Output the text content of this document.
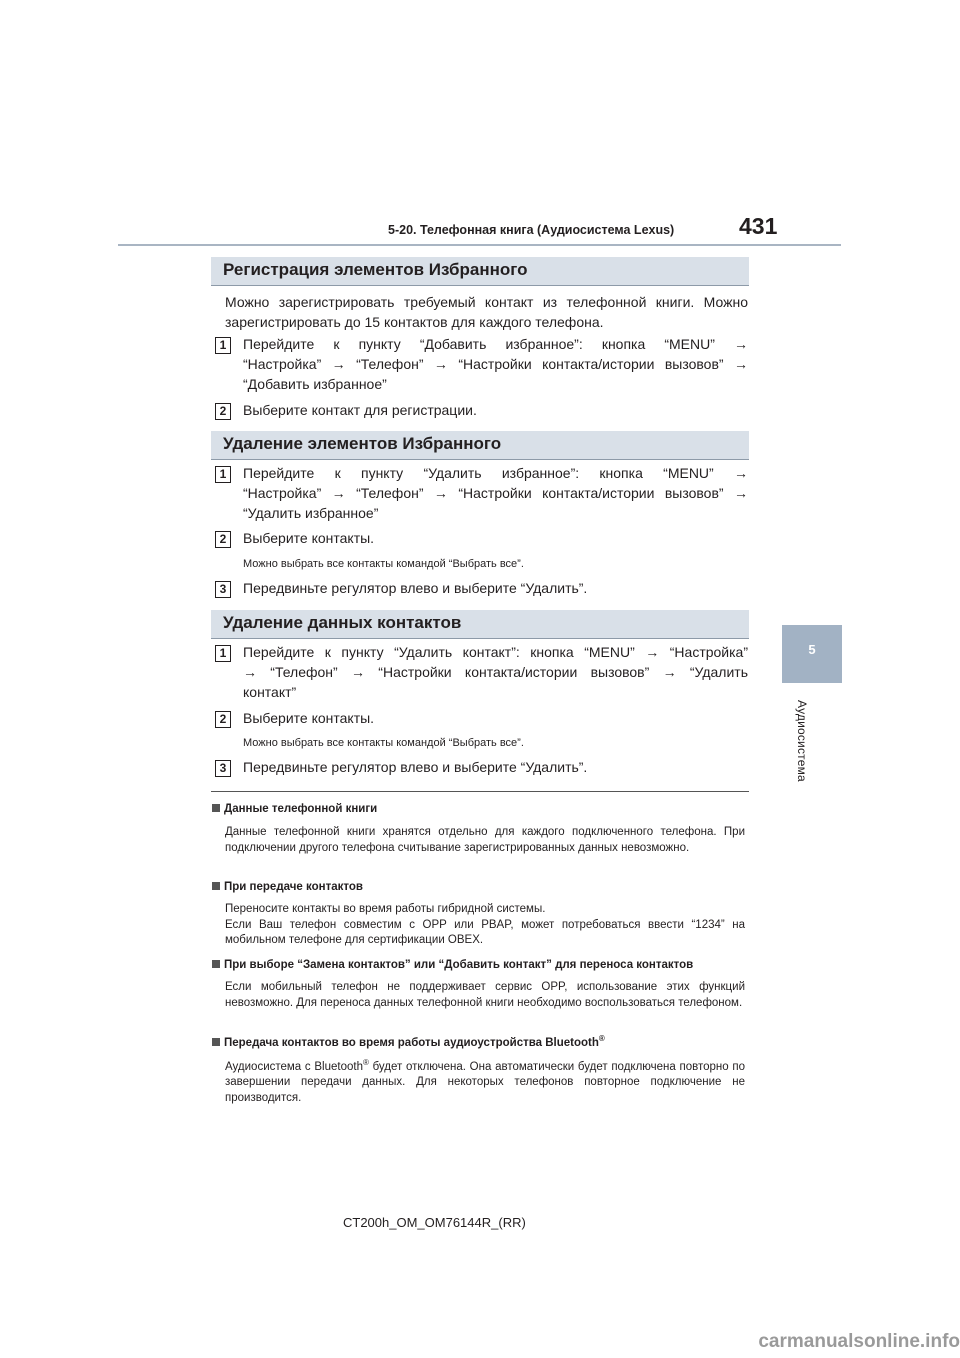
5-20. Телефонная книга (Аудиосистема Lexus)	431
5
Аудиосистема
Регистрация элементов Избранного
Можно зарегистрировать требуемый контакт из телефонной книги. Можно зарегистрировать до 15 контактов для каждого телефона.
1	Перейдите к пункту “Добавить избранное”: кнопка “MENU” →
“Настройка” → “Телефон” → “Настройки контакта/истории вызовов” →
“Добавить избранное”
2	Выберите контакт для регистрации.
Удаление элементов Избранного
1	Перейдите к пункту “Удалить избранное”: кнопка “MENU” →
“Настройка” → “Телефон” → “Настройки контакта/истории вызовов” →
“Удалить избранное”
2	Выберите контакты.
Можно выбрать все контакты командой “Выбрать все”.
3	Передвиньте регулятор влево и выберите “Удалить”.
Удаление данных контактов
1	Перейдите к пункту “Удалить контакт”: кнопка “MENU” → “Настройка”
→ “Телефон” → “Настройки контакта/истории вызовов” → “Удалить
контакт”
2	Выберите контакты.
Можно выбрать все контакты командой “Выбрать все”.
3	Передвиньте регулятор влево и выберите “Удалить”.
Данные телефонной книги
Данные телефонной книги хранятся отдельно для каждого подключенного телефона. При подключении другого телефона считывание зарегистрированных данных невозможно.
При передаче контактов
Переносите контакты во время работы гибридной системы.
Если Ваш телефон совместим с OPP или PBAP, может потребоваться ввести “1234” на мобильном телефоне для сертификации OBEX.
При выборе “Замена контактов” или “Добавить контакт” для переноса контактов
Если мобильный телефон не поддерживает сервис OPP, использование этих функций невозможно. Для переноса данных телефонной книги необходимо воспользоваться телефоном.
Передача контактов во время работы аудиоустройства Bluetooth®
Аудиосистема с Bluetooth® будет отключена. Она автоматически будет подключена повторно по завершении передачи данных. Для некоторых телефонов повторное подключение не производится.
CT200h_OM_OM76144R_(RR)
carmanualsonline.info
